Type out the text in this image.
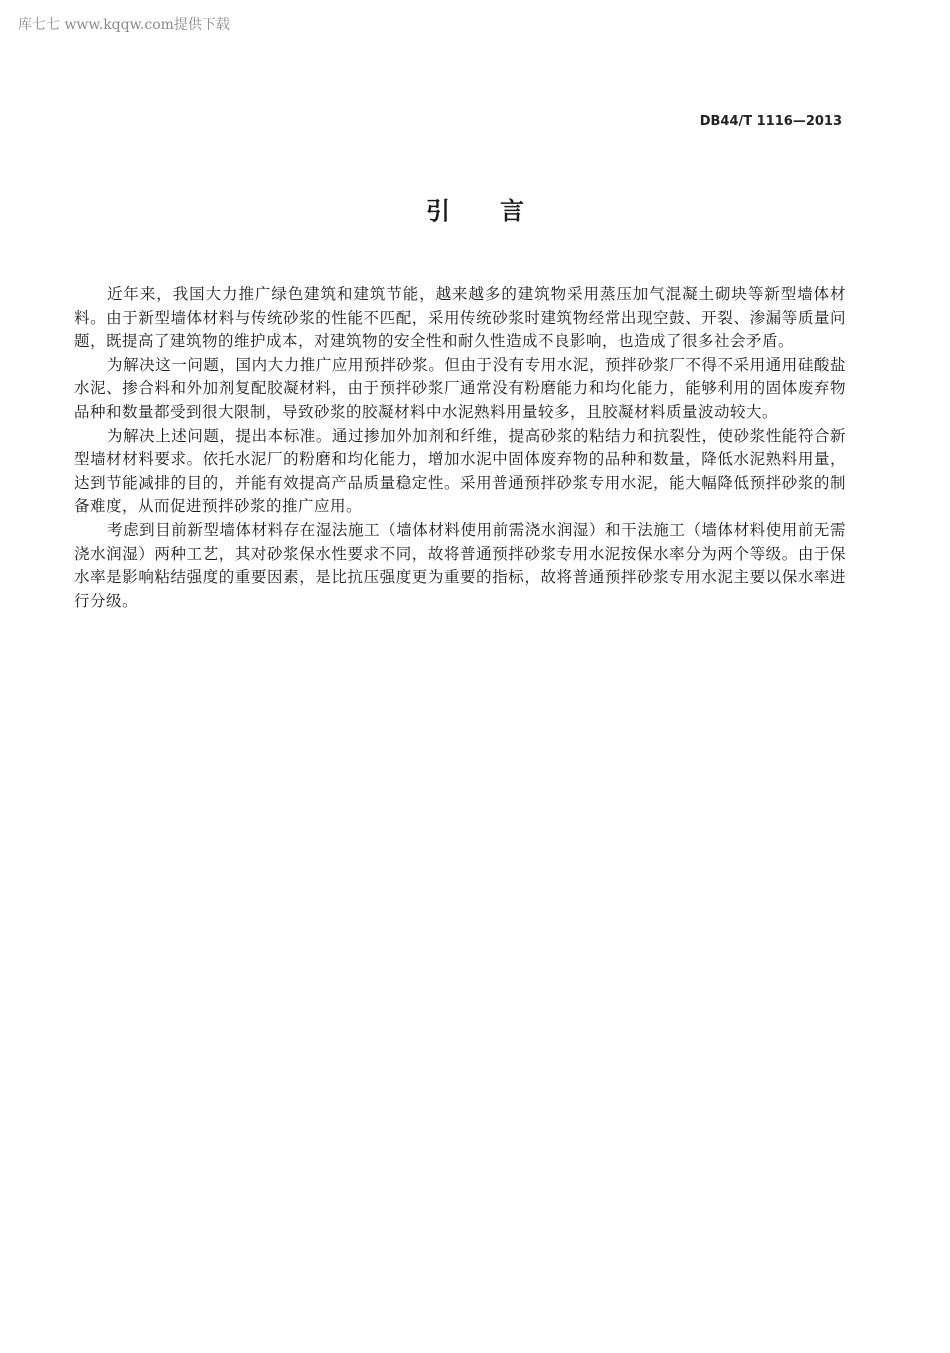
库七七 www.kqqw.com提供下载
DB44/T 1116—2013
引言

近年来，我国大力推广绿色建筑和建筑节能，越来越多的建筑物采用蒸压加气混凝土砌块等新型墙体材料。由于新型墙体材料与传统砂浆的性能不匹配，采用传统砂浆时建筑物经常出现空鼓、开裂、渗漏等质量问题，既提高了建筑物的维护成本，对建筑物的安全性和耐久性造成不良影响，也造成了很多社会矛盾。

为解决这一问题，国内大力推广应用预拌砂浆。但由于没有专用水泥，预拌砂浆厂不得不采用通用硅酸盐水泥、掺合料和外加剂复配胶凝材料，由于预拌砂浆厂通常没有粉磨能力和均化能力，能够利用的固体废弃物品种和数量都受到很大限制，导致砂浆的胶凝材料中水泥熟料用量较多，且胶凝材料质量波动较大。

为解决上述问题，提出本标准。通过掺加外加剂和纤维，提高砂浆的粘结力和抗裂性，使砂浆性能符合新型墙材材料要求。依托水泥厂的粉磨和均化能力，增加水泥中固体废弃物的品种和数量，降低水泥熟料用量，达到节能减排的目的，并能有效提高产品质量稳定性。采用普通预拌砂浆专用水泥，能大幅降低预拌砂浆的制备难度，从而促进预拌砂浆的推广应用。

考虑到目前新型墙体材料存在湿法施工（墙体材料使用前需浇水润湿）和干法施工（墙体材料使用前无需浇水润湿）两种工艺，其对砂浆保水性要求不同，故将普通预拌砂浆专用水泥按保水率分为两个等级。由于保水率是影响粘结强度的重要因素，是比抗压强度更为重要的指标，故将普通预拌砂浆专用水泥主要以保水率进行分级。
